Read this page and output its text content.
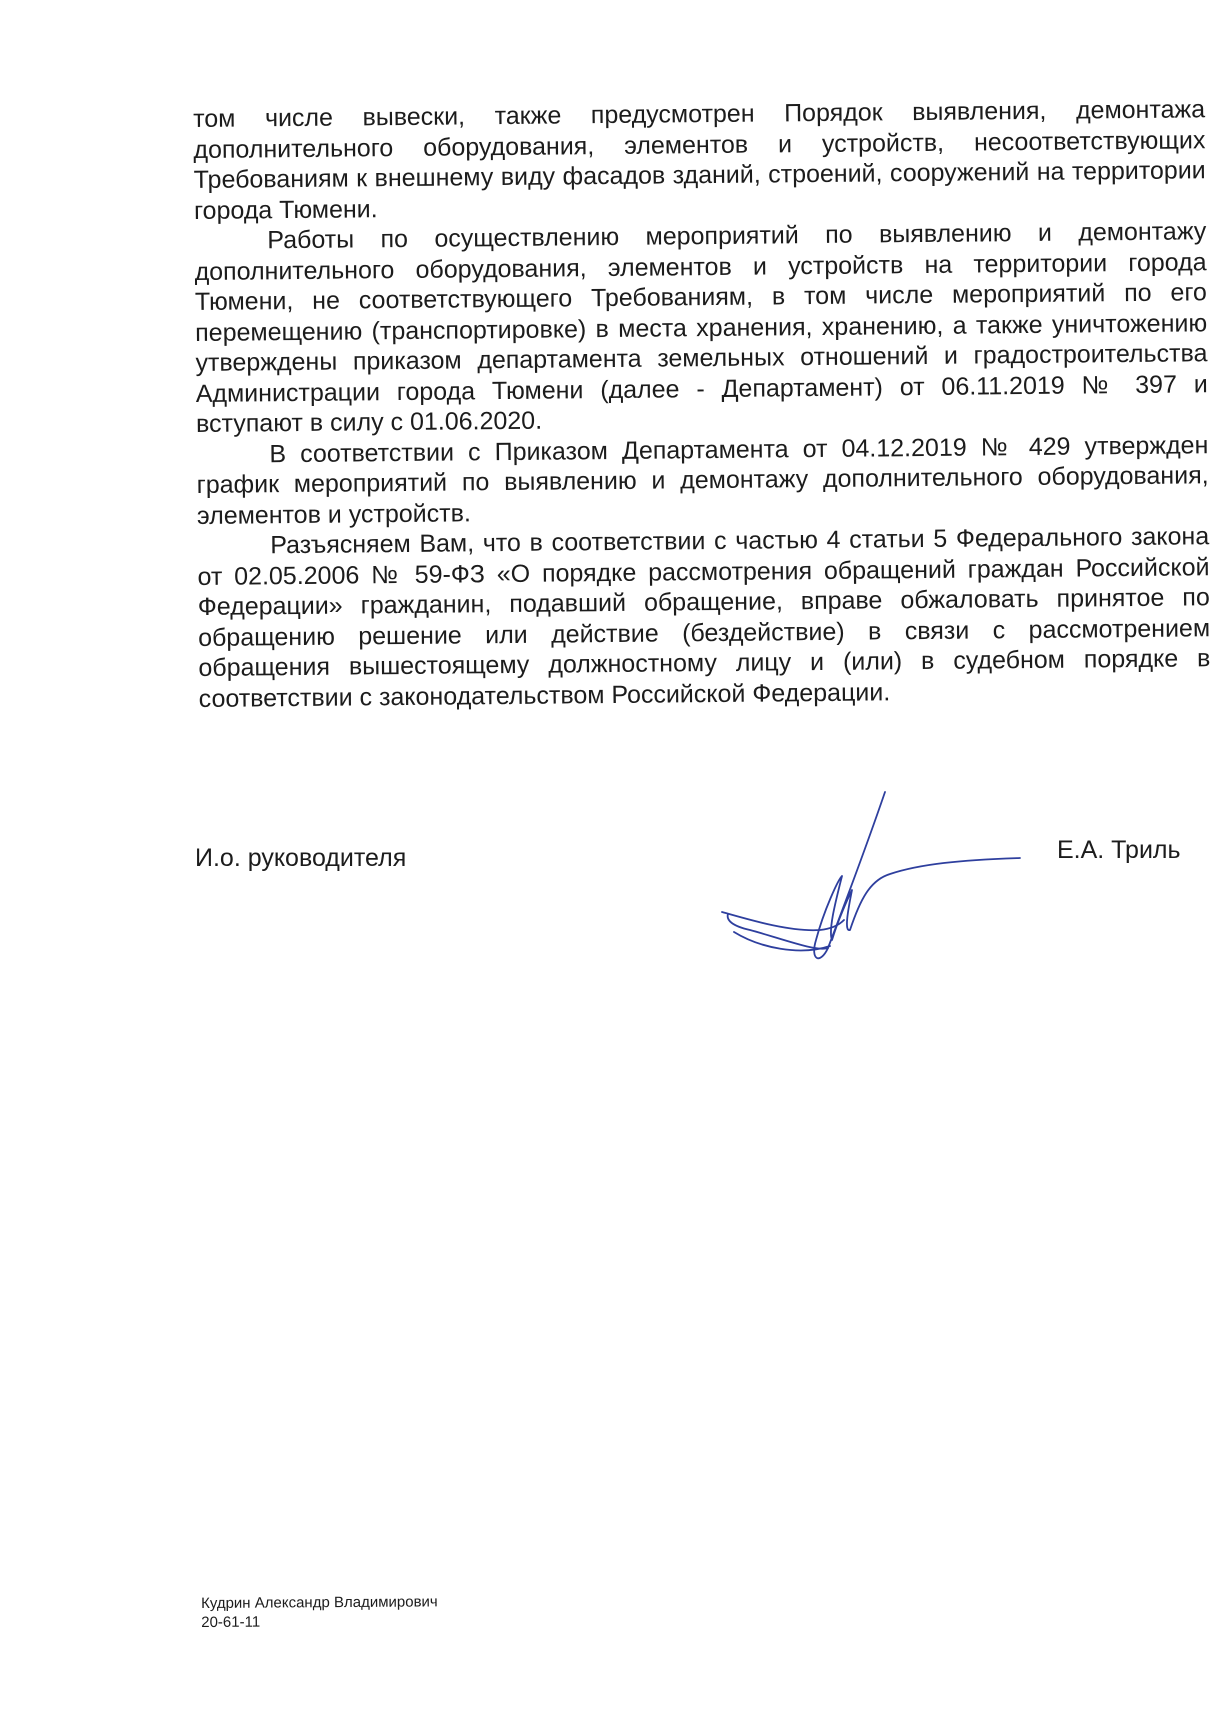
том числе вывески, также предусмотрен Порядок выявления, демонтажа дополнительного оборудования, элементов и устройств, несоответствующих Требованиям к внешнему виду фасадов зданий, строений, сооружений на территории города Тюмени.

Работы по осуществлению мероприятий по выявлению и демонтажу дополнительного оборудования, элементов и устройств на территории города Тюмени, не соответствующего Требованиям, в том числе мероприятий по его перемещению (транспортировке) в места хранения, хранению, а также уничтожению утверждены приказом департамента земельных отношений и градостроительства Администрации города Тюмени (далее - Департамент) от 06.11.2019 № 397 и вступают в силу с 01.06.2020.

В соответствии с Приказом Департамента от 04.12.2019 № 429 утвержден график мероприятий по выявлению и демонтажу дополнительного оборудования, элементов и устройств.

Разъясняем Вам, что в соответствии с частью 4 статьи 5 Федерального закона от 02.05.2006 № 59-ФЗ «О порядке рассмотрения обращений граждан Российской Федерации» гражданин, подавший обращение, вправе обжаловать принятое по обращению решение или действие (бездействие) в связи с рассмотрением обращения вышестоящему должностному лицу и (или) в судебном порядке в соответствии с законодательством Российской Федерации.

И.о. руководителя	Е.А. Триль
Кудрин Александр Владимирович
20-61-11
